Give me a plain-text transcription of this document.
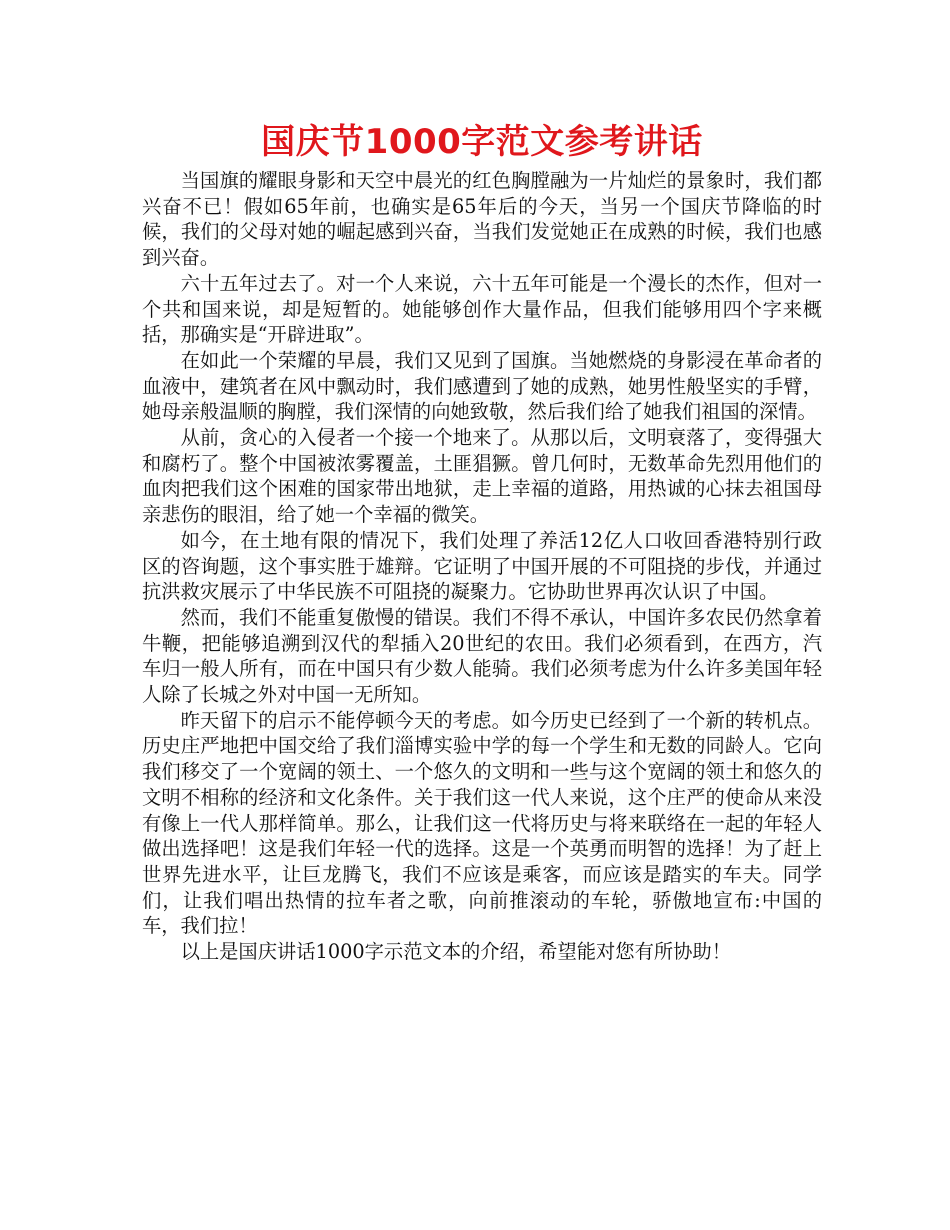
国庆节1000字范文参考讲话

当国旗的耀眼身影和天空中晨光的红色胸膛融为一片灿烂的景象时，我们都兴奋不已！假如65年前，也确实是65年后的今天，当另一个国庆节降临的时候，我们的父母对她的崛起感到兴奋，当我们发觉她正在成熟的时候，我们也感到兴奋。

六十五年过去了。对一个人来说，六十五年可能是一个漫长的杰作，但对一个共和国来说，却是短暂的。她能够创作大量作品，但我们能够用四个字来概括，那确实是“开辟进取”。

在如此一个荣耀的早晨，我们又见到了国旗。当她燃烧的身影浸在革命者的血液中，建筑者在风中飘动时，我们感遭到了她的成熟，她男性般坚实的手臂，她母亲般温顺的胸膛，我们深情的向她致敬，然后我们给了她我们祖国的深情。

从前，贪心的入侵者一个接一个地来了。从那以后，文明衰落了，变得强大和腐朽了。整个中国被浓雾覆盖，土匪猖獗。曾几何时，无数革命先烈用他们的血肉把我们这个困难的国家带出地狱，走上幸福的道路，用热诚的心抹去祖国母亲悲伤的眼泪，给了她一个幸福的微笑。

如今，在土地有限的情况下，我们处理了养活12亿人口收回香港特别行政区的咨询题，这个事实胜于雄辩。它证明了中国开展的不可阻挠的步伐，并通过抗洪救灾展示了中华民族不可阻挠的凝聚力。它协助世界再次认识了中国。

然而，我们不能重复傲慢的错误。我们不得不承认，中国许多农民仍然拿着牛鞭，把能够追溯到汉代的犁插入20世纪的农田。我们必须看到，在西方，汽车归一般人所有，而在中国只有少数人能骑。我们必须考虑为什么许多美国年轻人除了长城之外对中国一无所知。

昨天留下的启示不能停顿今天的考虑。如今历史已经到了一个新的转机点。历史庄严地把中国交给了我们淄博实验中学的每一个学生和无数的同龄人。它向我们移交了一个宽阔的领土、一个悠久的文明和一些与这个宽阔的领土和悠久的文明不相称的经济和文化条件。关于我们这一代人来说，这个庄严的使命从来没有像上一代人那样简单。那么，让我们这一代将历史与将来联络在一起的年轻人做出选择吧！这是我们年轻一代的选择。这是一个英勇而明智的选择！为了赶上世界先进水平，让巨龙腾飞，我们不应该是乘客，而应该是踏实的车夫。同学们，让我们唱出热情的拉车者之歌，向前推滚动的车轮，骄傲地宣布:中国的车，我们拉！

以上是国庆讲话1000字示范文本的介绍，希望能对您有所协助！
